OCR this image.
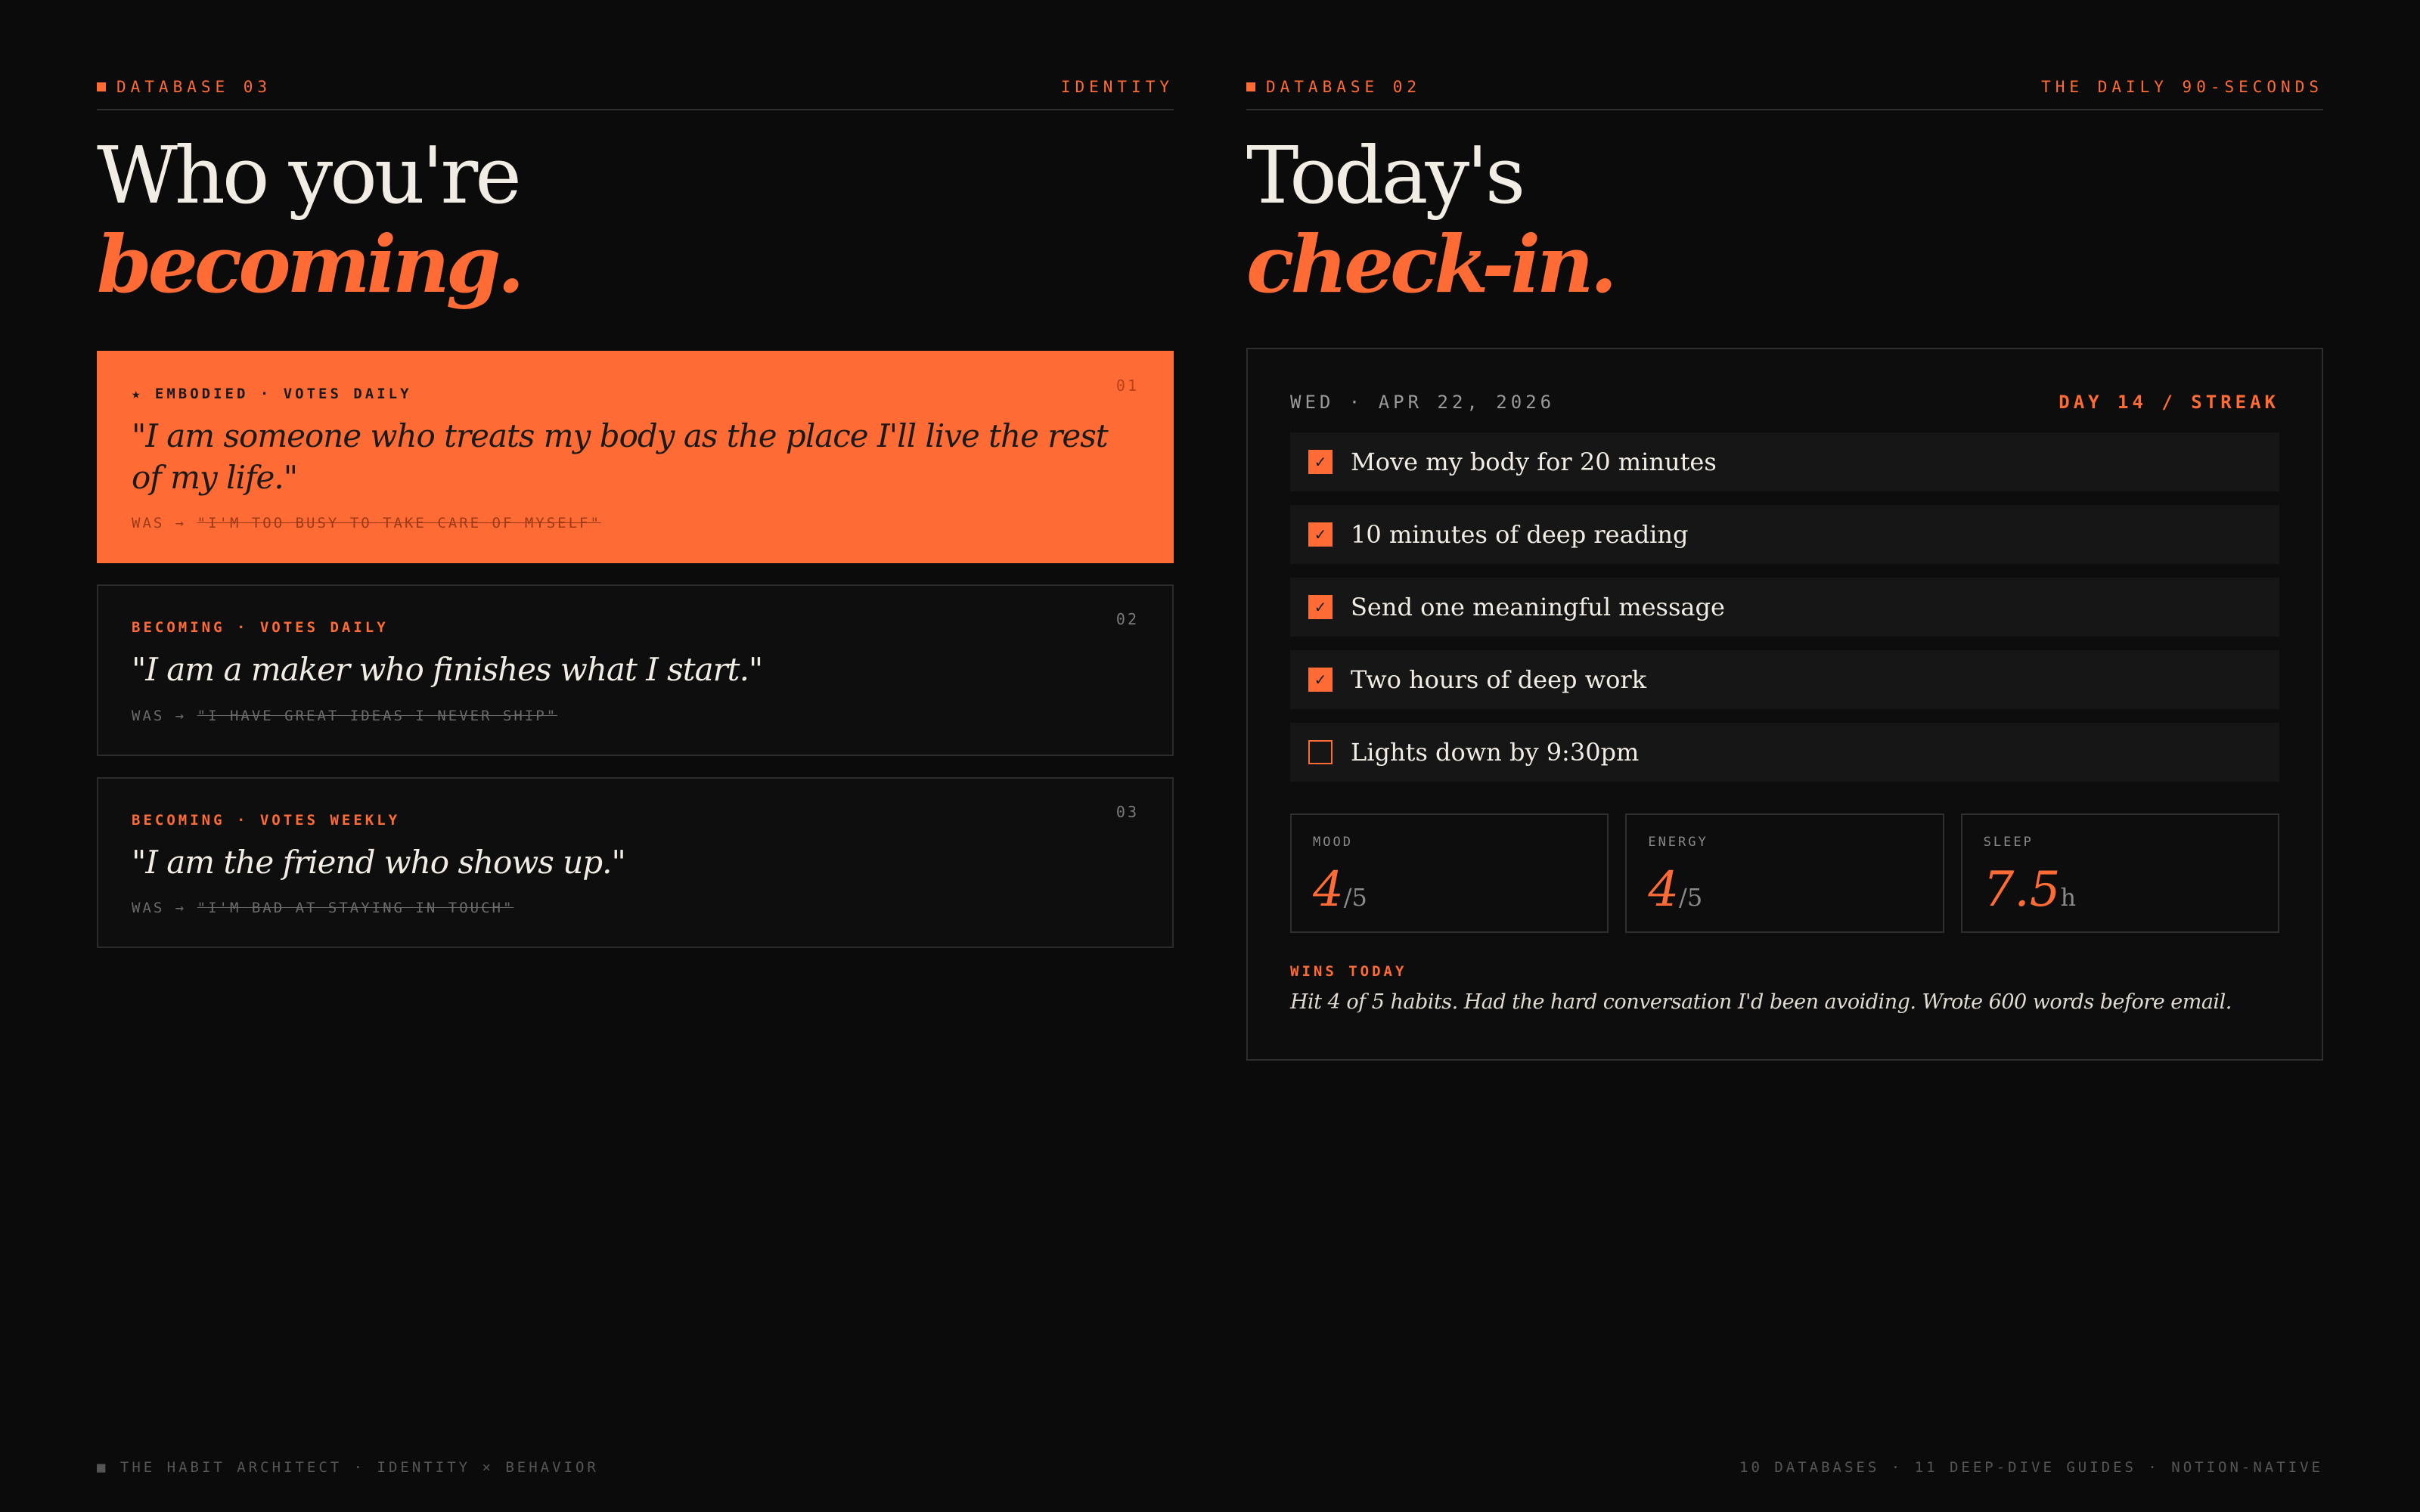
DATABASE 03	IDENTITY
Who you're
becoming.
01
★ EMBODIED · VOTES DAILY
"I am someone who treats my body as the place I'll live the rest of my life."
WAS → "I'M TOO BUSY TO TAKE CARE OF MYSELF"
02
BECOMING · VOTES DAILY
"I am a maker who finishes what I start."
WAS → "I HAVE GREAT IDEAS I NEVER SHIP"
03
BECOMING · VOTES WEEKLY
"I am the friend who shows up."
WAS → "I'M BAD AT STAYING IN TOUCH"
DATABASE 02	THE DAILY 90-SECONDS
Today's
check-in.
WED · APR 22, 2026	DAY 14 / STREAK
✓ Move my body for 20 minutes
✓ 10 minutes of deep reading
✓ Send one meaningful message
✓ Two hours of deep work
Lights down by 9:30pm
MOOD
4/5
ENERGY
4/5
SLEEP
7.5h
WINS TODAY
Hit 4 of 5 habits. Had the hard conversation I'd been avoiding. Wrote 600 words before email.
■ THE HABIT ARCHITECT · IDENTITY × BEHAVIOR	10 DATABASES · 11 DEEP-DIVE GUIDES · NOTION-NATIVE
